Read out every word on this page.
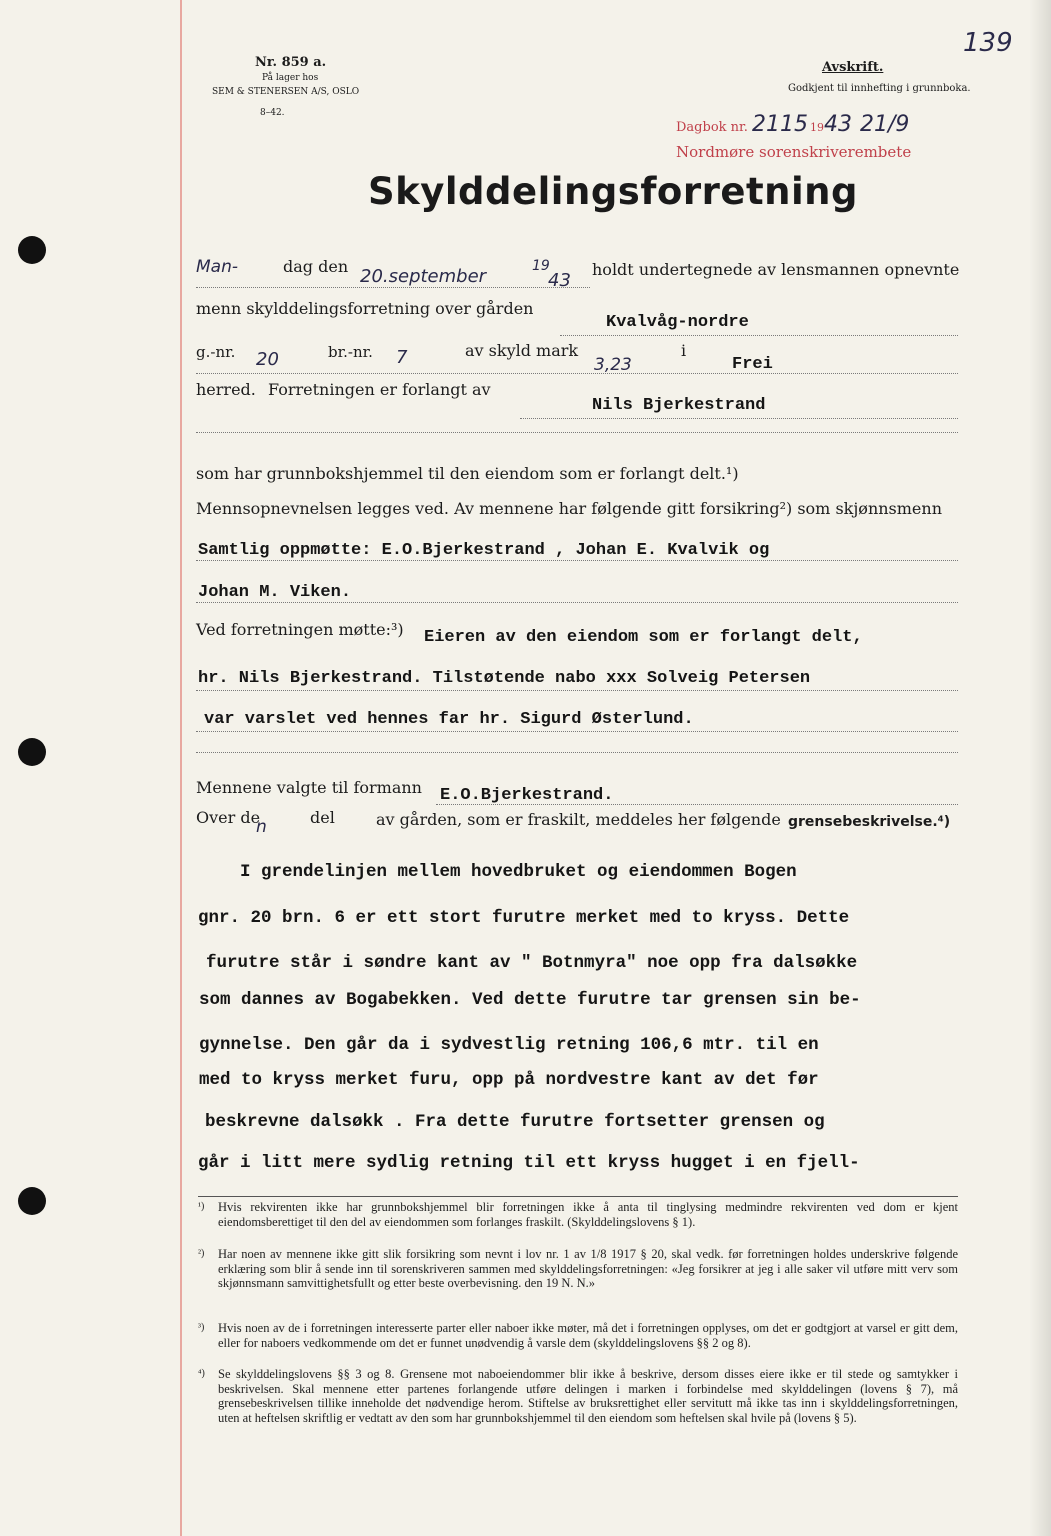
Nr. 859 a.
På lager hos
SEM & STENERSEN A/S, OSLO
8–42.
Avskrift.
Godkjent til innhefting i grunnboka.
139
Dagbok nr. 2115 1943 21/9
Nordmøre sorenskriverembete
Skylddelingsforretning
Man-	dag den 20.september	19
43
holdt undertegnede av lensmannen opnevnte
menn skylddelingsforretning over gården
Kvalvåg-nordre
g.-nr. 20	br.-nr. 7	av skyld mark
3,23
i
Frei
herred. Forretningen er forlangt av
Nils Bjerkestrand
som har grunnbokshjemmel til den eiendom som er forlangt delt.¹)
Mennsopnevnelsen legges ved. Av mennene har følgende gitt forsikring²) som skjønnsmenn
Samtlig oppmøtte: E.O.Bjerkestrand , Johan E. Kvalvik og
Johan M. Viken.
Ved forretningen møtte:³) Eieren av den eiendom som er forlangt delt,
hr. Nils Bjerkestrand. Tilstøtende nabo xxx Solveig Petersen
var varslet ved hennes far hr. Sigurd Østerlund.
Mennene valgte til formann E.O.Bjerkestrand.
Over de
n	del	av gården, som er fraskilt, meddeles her følgende grensebeskrivelse.⁴)
I grendelinjen mellem hovedbruket og eiendommen Bogen
gnr. 20 brn. 6 er ett stort furutre merket med to kryss. Dette
furutre står i søndre kant av " Botnmyra" noe opp fra dalsøkke
som dannes av Bogabekken. Ved dette furutre tar grensen sin be-
gynnelse. Den går da i sydvestlig retning 106,6 mtr. til en
med to kryss merket furu, opp på nordvestre kant av det før
beskrevne dalsøkk . Fra dette furutre fortsetter grensen og
går i litt mere sydlig retning til ett kryss hugget i en fjell-
¹) Hvis rekvirenten ikke har grunnbokshjemmel blir forretningen ikke å anta til tinglysing medmindre rekvirenten ved dom er kjent eiendomsberettiget til den del av eiendommen som forlanges fraskilt. (Skylddelingslovens § 1).
²) Har noen av mennene ikke gitt slik forsikring som nevnt i lov nr. 1 av 1/8 1917 § 20, skal vedk. før forretningen holdes underskrive følgende erklæring som blir å sende inn til sorenskriveren sammen med skylddelingsforretningen: «Jeg forsikrer at jeg i alle saker vil utføre mitt verv som skjønnsmann samvittighetsfullt og etter beste overbevisning. den 19 N. N.»
³) Hvis noen av de i forretningen interesserte parter eller naboer ikke møter, må det i forretningen opplyses, om det er godtgjort at varsel er gitt dem, eller for naboers vedkommende om det er funnet unødvendig å varsle dem (skylddelingslovens §§ 2 og 8).
⁴) Se skylddelingslovens §§ 3 og 8. Grensene mot naboeiendommer blir ikke å beskrive, dersom disses eiere ikke er til stede og samtykker i beskrivelsen. Skal mennene etter partenes forlangende utføre delingen i marken i forbindelse med skylddelingen (lovens § 7), må grensebeskrivelsen tillike inneholde det nødvendige herom. Stiftelse av bruksrettighet eller servitutt må ikke tas inn i skylddelingsforretningen, uten at heftelsen skriftlig er vedtatt av den som har grunnbokshjemmel til den eiendom som heftelsen skal hvile på (lovens § 5).
